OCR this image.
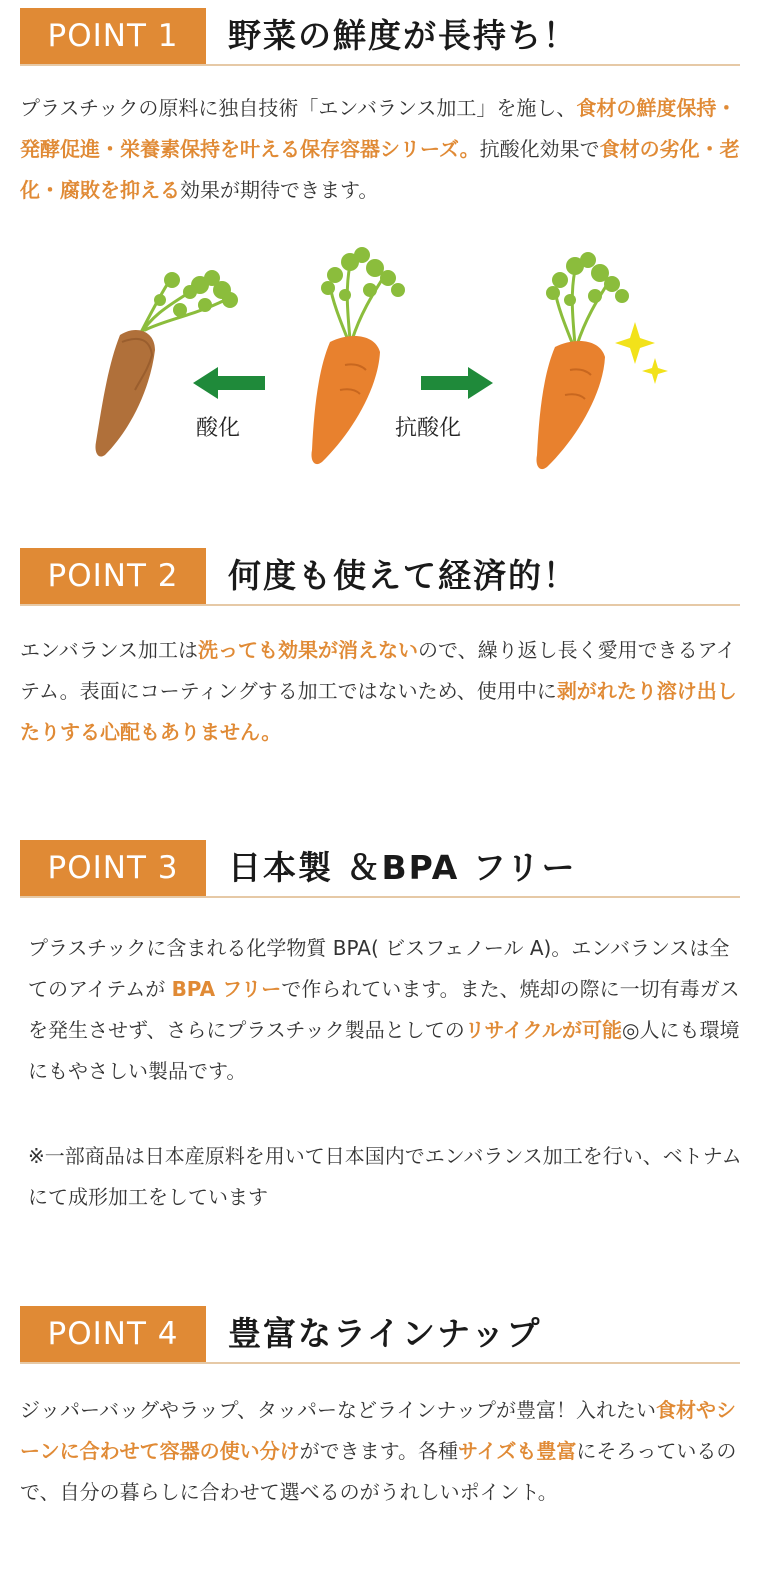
POINT 1	野菜の鮮度が長持ち！
プラスチックの原料に独自技術「エンバランス加工」を施し、食材の鮮度保持・発酵促進・栄養素保持を叶える保存容器シリーズ。抗酸化効果で食材の劣化・老化・腐敗を抑える効果が期待できます。
酸化	抗酸化
POINT 2	何度も使えて経済的！
エンバランス加工は洗っても効果が消えないので、繰り返し長く愛用できるアイテム。表面にコーティングする加工ではないため、使用中に剥がれたり溶け出したりする心配もありません。
POINT 3	日本製 ＆BPA フリー
プラスチックに含まれる化学物質 BPA( ビスフェノール A)。エンバランスは全てのアイテムが BPA フリーで作られています。また、焼却の際に一切有毒ガスを発生させず、さらにプラスチック製品としてのリサイクルが可能◎人にも環境にもやさしい製品です。
※一部商品は日本産原料を用いて日本国内でエンバランス加工を行い、ベトナムにて成形加工をしています
POINT 4	豊富なラインナップ
ジッパーバッグやラップ、タッパーなどラインナップが豊富！入れたい食材やシーンに合わせて容器の使い分けができます。各種サイズも豊富にそろっているので、自分の暮らしに合わせて選べるのがうれしいポイント。
